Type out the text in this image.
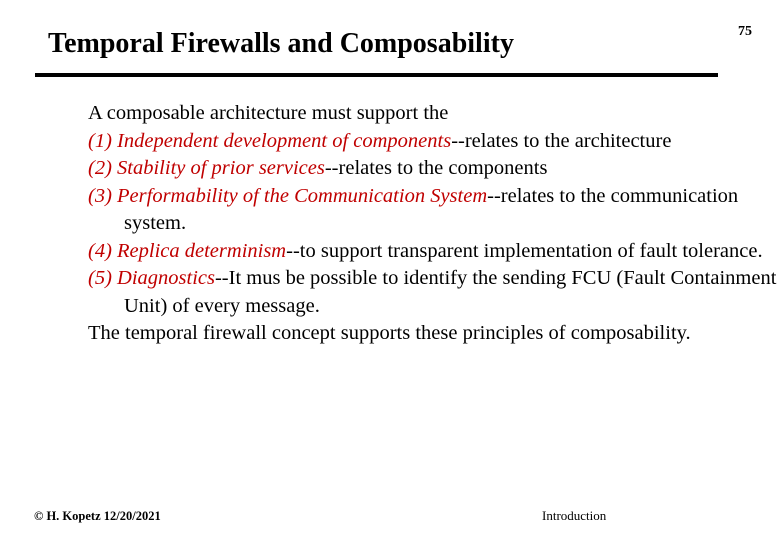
75
Temporal Firewalls and Composability

A composable architecture must support the

(1) Independent development of components--relates to the architecture

(2) Stability of prior services--relates to the components

(3) Performability of the Communication System--relates to the communication system.

(4) Replica determinism--to support transparent implementation of fault tolerance.

(5) Diagnostics--It mus be possible to identify the sending FCU (Fault Containment Unit) of every message.

The temporal firewall concept supports these principles of composability.

© H. Kopetz 12/20/2021	Introduction
